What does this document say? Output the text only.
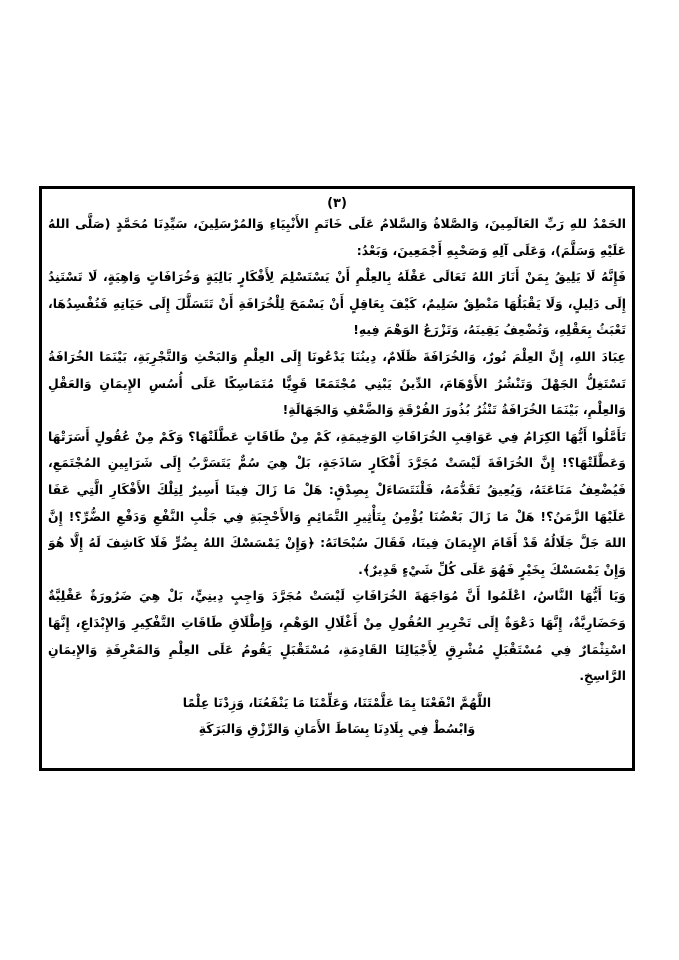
(٣)

الحَمْدُ للهِ رَبِّ العَالَمِينَ، وَالصَّلاةُ وَالسَّلامُ عَلَى خَاتَمِ الأَنْبِيَاءِ وَالمُرْسَلِينَ، سَيِّدِنَا مُحَمَّدٍ (صَلَّى اللهُ عَلَيْهِ وَسَلَّمَ)، وَعَلَى آلِهِ وَصَحْبِهِ أَجْمَعِينَ، وَبَعْدُ:

فَإِنَّهُ لَا يَلِيقُ بِمَنْ أَنَارَ اللهُ تَعَالَى عَقْلَهُ بِالعِلْمِ أَنْ يَسْتَسْلِمَ لِأَفْكَارٍ بَالِيَةٍ وَخُرَافَاتٍ وَاهِيَةٍ، لَا تَسْتَنِدُ إِلَى دَلِيلٍ، وَلَا يَقْبَلُهَا مَنْطِقٌ سَلِيمٌ، كَيْفَ بِعَاقِلٍ أَنْ يَسْمَحَ لِلْخُرَافَةِ أَنْ تَتَسَلَّلَ إِلَى حَيَاتِهِ فَتُفْسِدُهَا، تَعْبَثُ بِعَقْلِهِ، وَتُضْعِفُ يَقِينَهُ، وَتَزْرَعُ الوَهْمَ فِيهِ!

عِبَادَ اللهِ، إِنَّ العِلْمَ نُورٌ، وَالخُرَافَةَ ظَلَامٌ، دِينُنَا يَدْعُونَا إِلَى العِلْمِ وَالبَحْثِ وَالتَّجْرِبَةِ، بَيْنَمَا الخُرَافَةُ تَسْتَغِلُّ الجَهْلَ وَتَنْشُرُ الأَوْهَامَ، الدِّينُ يَبْنِي مُجْتَمَعًا قَوِيًّا مُتَمَاسِكًا عَلَى أُسُسِ الإِيمَانِ وَالعَقْلِ وَالعِلْمِ، بَيْنَمَا الخُرَافَةُ تَنْثُرُ بُذُورَ الفُرْقَةِ وَالضَّعْفِ وَالجَهَالَةِ!

تَأَمَّلُوا أَيُّهَا الكِرَامُ فِي عَوَاقِبِ الخُرَافَاتِ الوَخِيمَةِ، كَمْ مِنْ طَاقَاتٍ عَطَّلَتْهَا؟ وَكَمْ مِنْ عُقُولٍ أَسَرَتْهَا وَعَطَّلَتْهَا؟! إِنَّ الخُرَافَةَ لَيْسَتْ مُجَرَّدَ أَفْكَارٍ سَاذَجَةٍ، بَلْ هِيَ سُمٌّ يَتَسَرَّبُ إِلَى شَرَايِينِ المُجْتَمَعِ، فَيُضْعِفُ مَنَاعَتَهُ، وَيُعِيقُ تَقَدُّمَهُ، فَلْنَتَسَاءَلْ بِصِدْقٍ: هَلْ مَا زَالَ فِينَا أَسِيرٌ لِتِلْكَ الأَفْكَارِ الَّتِي عَفَا عَلَيْهَا الزَّمَنُ؟! هَلْ مَا زَالَ بَعْضُنَا يُؤْمِنُ بِتَأْثِيرِ التَّمَائِمِ وَالأَحْجِبَةِ فِي جَلْبِ النَّفْعِ وَدَفْعِ الضُّرِّ؟! إِنَّ اللهَ جَلَّ جَلَالُهُ قَدْ أَقَامَ الإِيمَانَ فِينَا، فَقَالَ سُبْحَانَهُ: ﴿وَإِنْ يَمْسَسْكَ اللهُ بِضُرٍّ فَلَا كَاشِفَ لَهُ إِلَّا هُوَ وَإِنْ يَمْسَسْكَ بِخَيْرٍ فَهُوَ عَلَى كُلِّ شَيْءٍ قَدِيرٌ﴾.

وَيَا أَيُّهَا النَّاسُ، اعْلَمُوا أَنَّ مُوَاجَهَةَ الخُرَافَاتِ لَيْسَتْ مُجَرَّدَ وَاجِبٍ دِينِيٍّ، بَلْ هِيَ ضَرُورَةٌ عَقْلِيَّةٌ وَحَضَارِيَّةٌ، إِنَّهَا دَعْوَةٌ إِلَى تَحْرِيرِ العُقُولِ مِنْ أَغْلَالِ الوَهْمِ، وَإِطْلَاقِ طَاقَاتِ التَّفْكِيرِ وَالإِبْدَاعِ، إِنَّهَا اسْتِثْمَارٌ فِي مُسْتَقْبَلٍ مُشْرِقٍ لِأَجْيَالِنَا القَادِمَةِ، مُسْتَقْبَلٍ يَقُومُ عَلَى العِلْمِ وَالمَعْرِفَةِ وَالإِيمَانِ الرَّاسِخِ.

اللَّهُمَّ انْفَعْنَا بِمَا عَلَّمْتَنَا، وَعَلِّمْنَا مَا يَنْفَعُنَا، وَزِدْنَا عِلْمًا

وَابْسُطْ فِي بِلَادِنَا بِسَاطَ الأَمَانِ وَالرِّزْقِ وَالبَرَكَةِ
